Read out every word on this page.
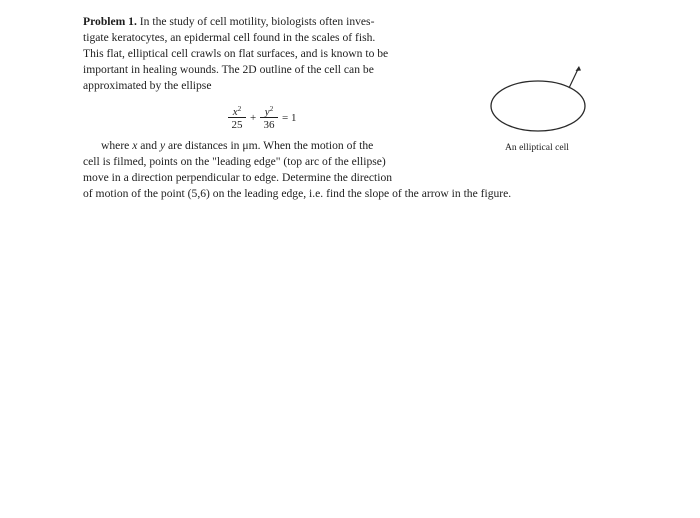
Problem 1. In the study of cell motility, biologists often inves-
tigate keratocytes, an epidermal cell found in the scales of fish.
This flat, elliptical cell crawls on flat surfaces, and is known to be
important in healing wounds. The 2D outline of the cell can be
approximated by the ellipse
$x^2$
25
+ $y^2$
36
= 1
where x and y are distances in μm. When the motion of the
cell is filmed, points on the "leading edge" (top arc of the ellipse)
move in a direction perpendicular to edge. Determine the direction
of motion of the point (5,6) on the leading edge, i.e. find the slope of the arrow in the figure.
An elliptical cell
